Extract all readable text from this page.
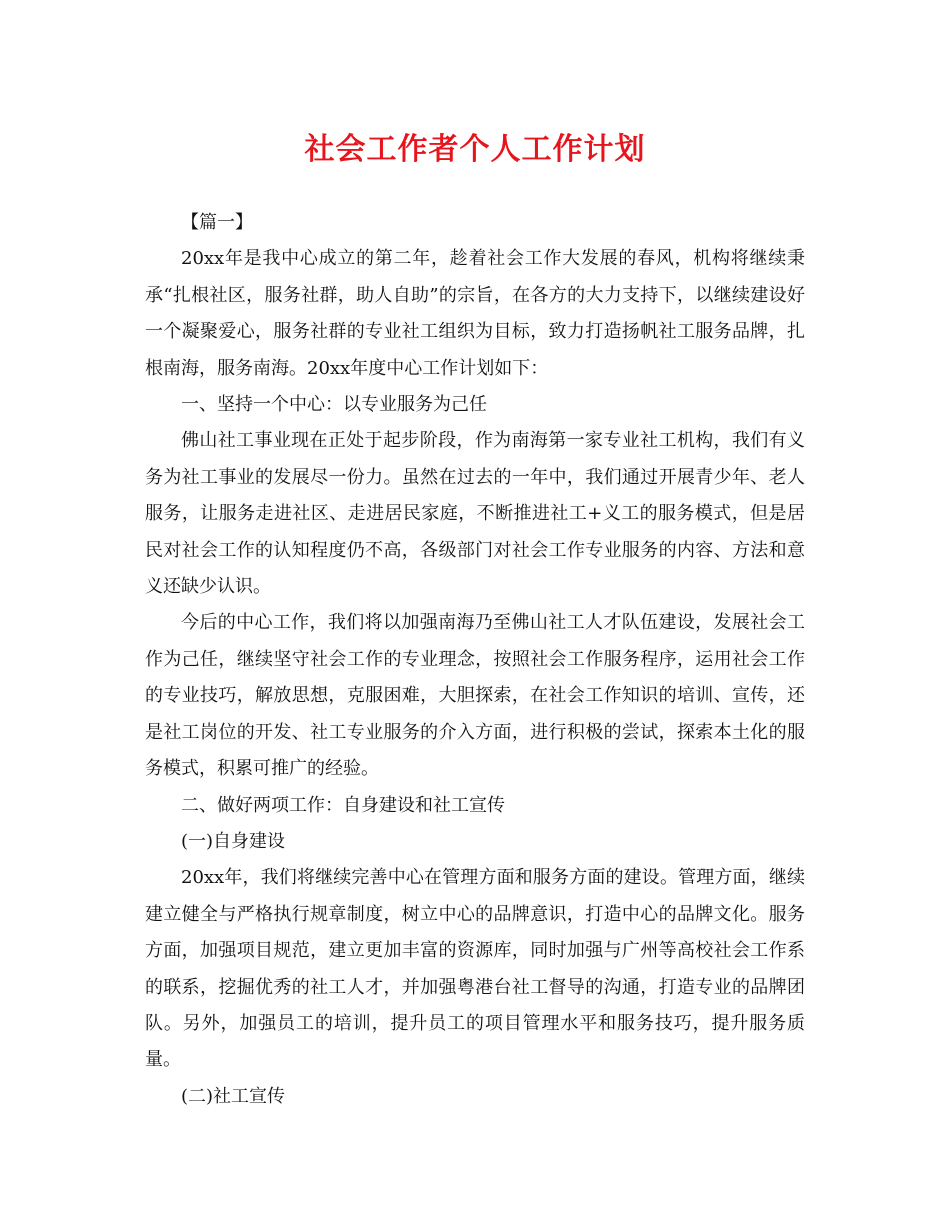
社会工作者个人工作计划

【篇一】

20xx年是我中心成立的第二年，趁着社会工作大发展的春风，机构将继续秉承“扎根社区，服务社群，助人自助”的宗旨，在各方的大力支持下，以继续建设好一个凝聚爱心，服务社群的专业社工组织为目标，致力打造扬帆社工服务品牌，扎根南海，服务南海。20xx年度中心工作计划如下：

一、坚持一个中心：以专业服务为己任

佛山社工事业现在正处于起步阶段，作为南海第一家专业社工机构，我们有义务为社工事业的发展尽一份力。虽然在过去的一年中，我们通过开展青少年、老人服务，让服务走进社区、走进居民家庭，不断推进社工+义工的服务模式，但是居民对社会工作的认知程度仍不高，各级部门对社会工作专业服务的内容、方法和意义还缺少认识。

今后的中心工作，我们将以加强南海乃至佛山社工人才队伍建设，发展社会工作为己任，继续坚守社会工作的专业理念，按照社会工作服务程序，运用社会工作的专业技巧，解放思想，克服困难，大胆探索，在社会工作知识的培训、宣传，还是社工岗位的开发、社工专业服务的介入方面，进行积极的尝试，探索本土化的服务模式，积累可推广的经验。

二、做好两项工作：自身建设和社工宣传

(一)自身建设

20xx年，我们将继续完善中心在管理方面和服务方面的建设。管理方面，继续建立健全与严格执行规章制度，树立中心的品牌意识，打造中心的品牌文化。服务方面，加强项目规范，建立更加丰富的资源库，同时加强与广州等高校社会工作系的联系，挖掘优秀的社工人才，并加强粤港台社工督导的沟通，打造专业的品牌团队。另外，加强员工的培训，提升员工的项目管理水平和服务技巧，提升服务质量。

(二)社工宣传
